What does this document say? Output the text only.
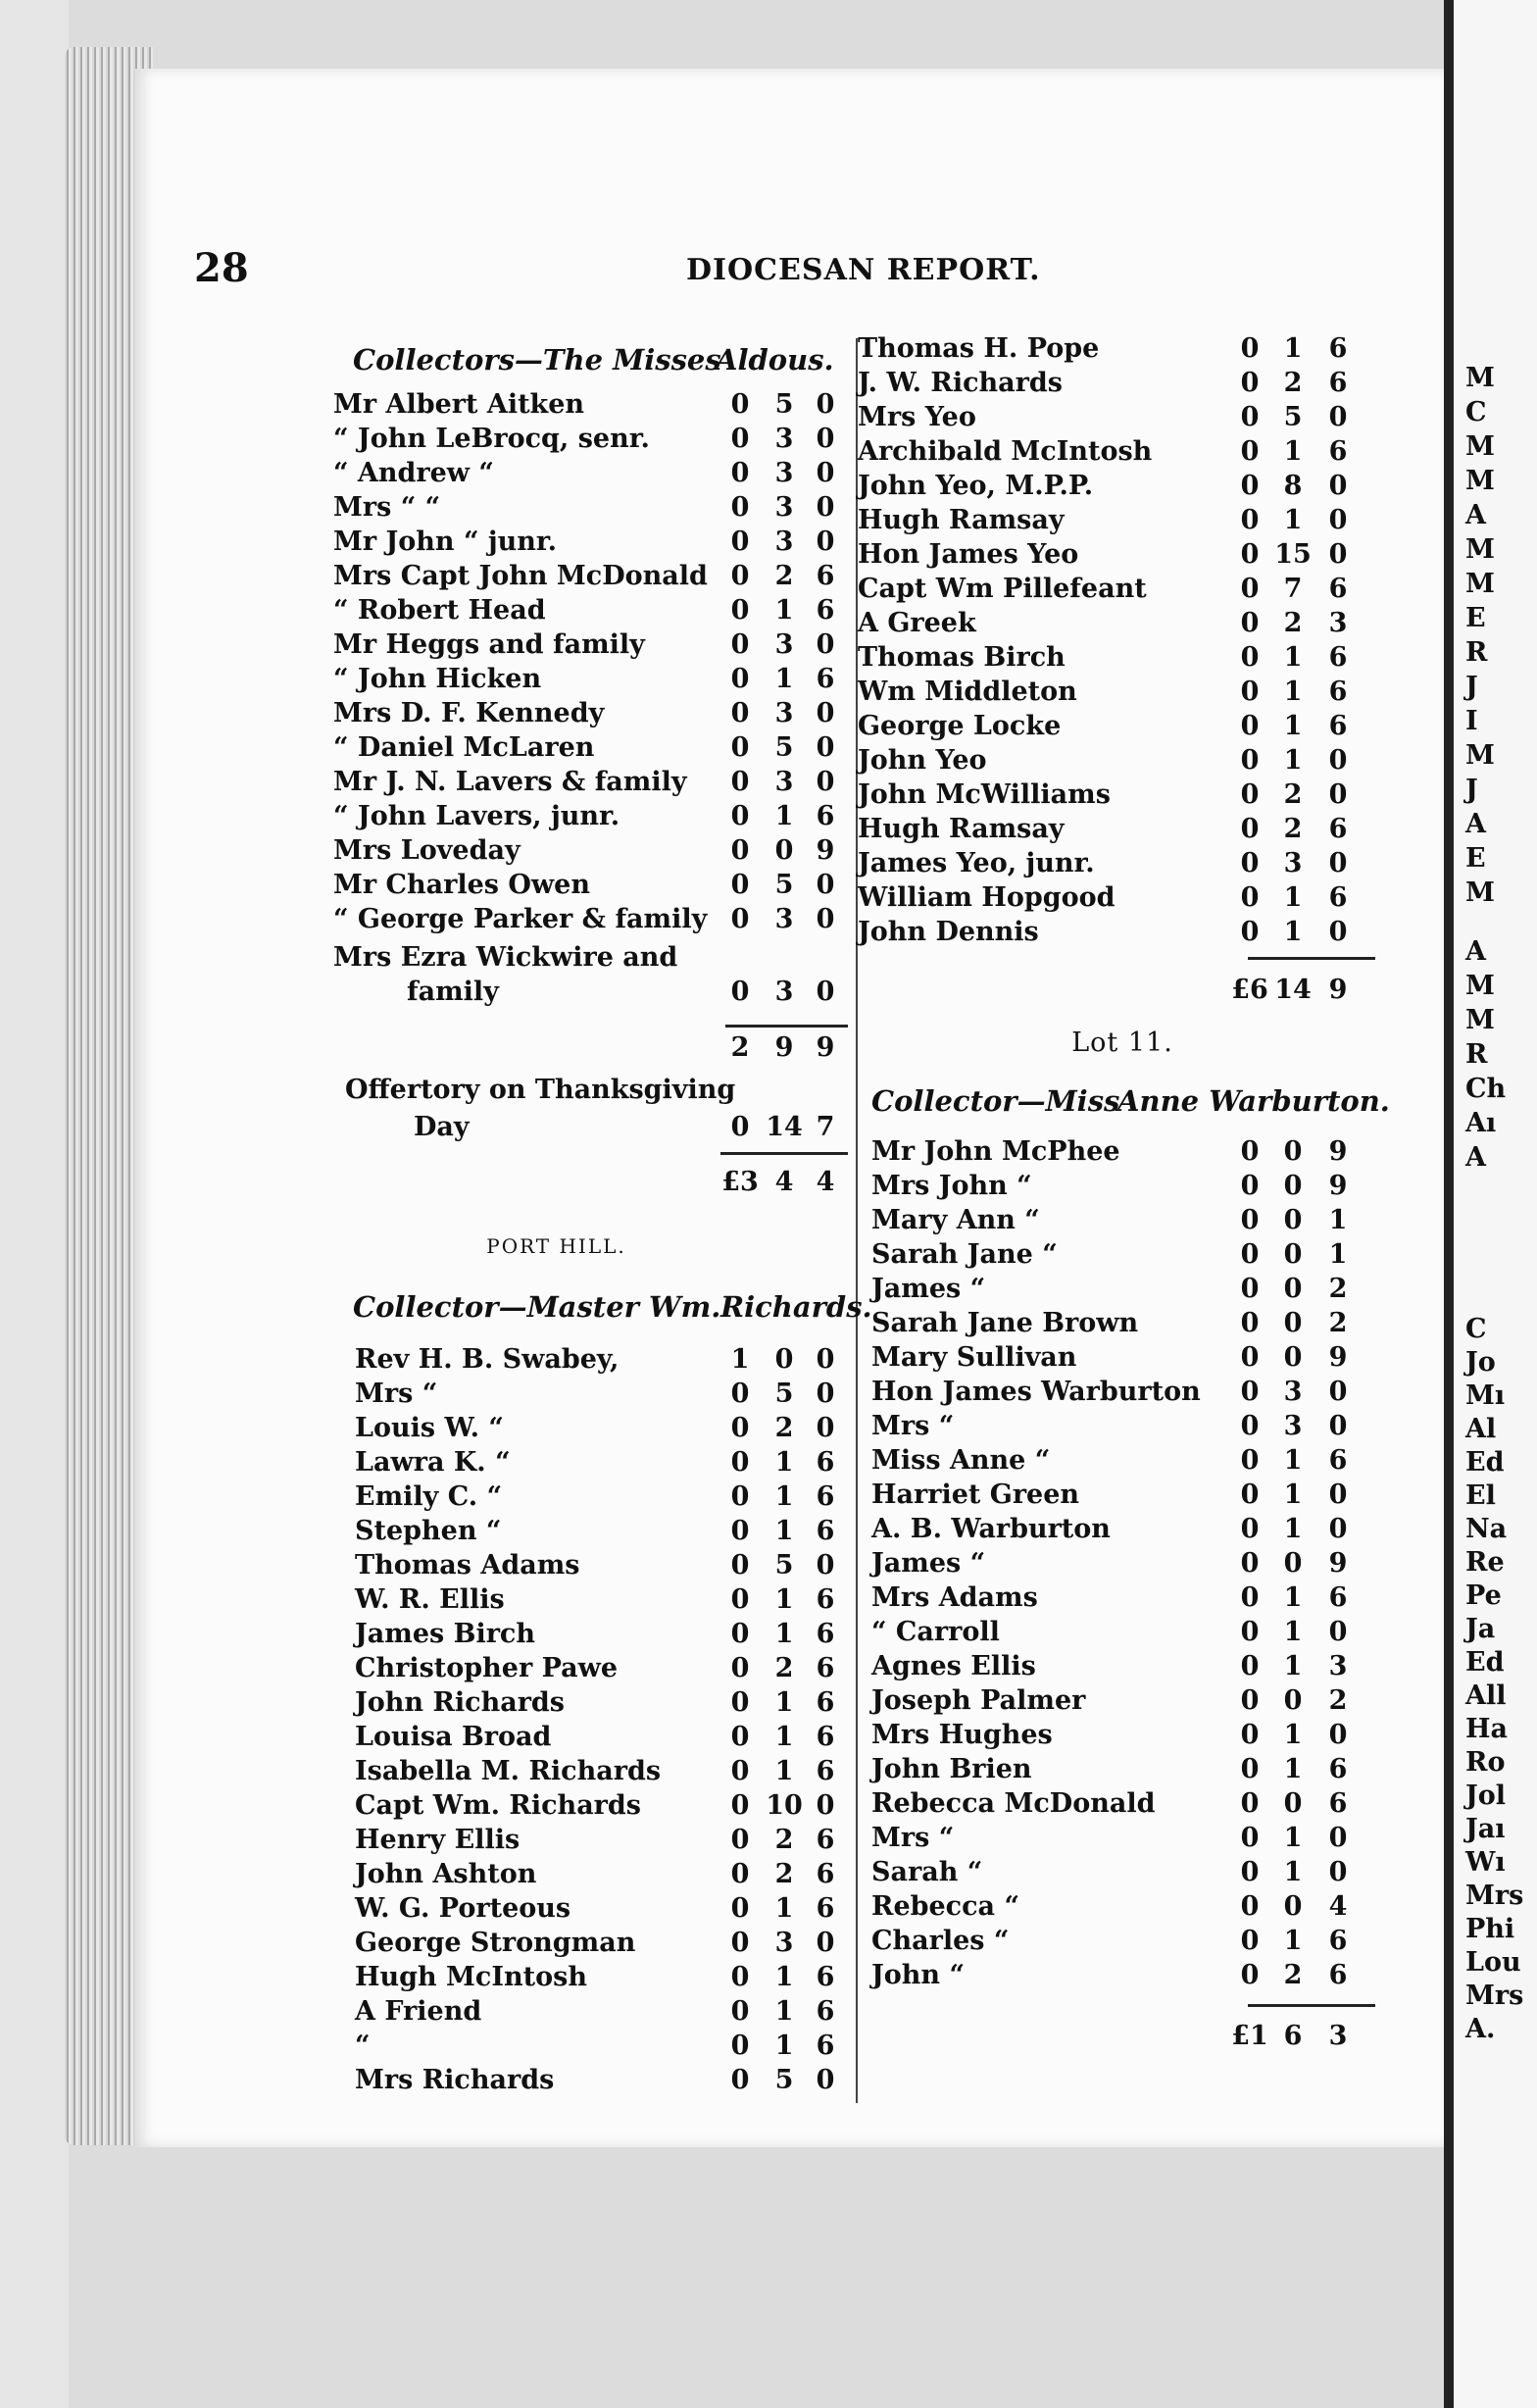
28	DIOCESAN REPORT.
Collectors—The Misses
Aldous.
Mr Albert Aitken	0 5 0
“ John LeBrocq, senr.	0 3 0
“ Andrew “	0 3 0
Mrs “ “	0 3 0
Mr John “ junr.	0 3 0
Mrs Capt John McDonald 0 2 6
“ Robert Head	0 1 6
Mr Heggs and family	0 3 0
“ John Hicken	0 1 6
Mrs D. F. Kennedy	0 3 0
“ Daniel McLaren	0 5 0
Mr J. N. Lavers & family	0 3 0
“ John Lavers, junr.	0 1 6
Mrs Loveday	0 0 9
Mr Charles Owen	0 5 0
“ George Parker & family 0 3 0
Mrs Ezra Wickwire and
family	0 3 0
2 9 9
Offertory on Thanksgiving
Day	0 14 7
£3 4 4
PORT HILL.
Collector—Master Wm. Richards.
Rev H. B. Swabey,	1 0 0
Mrs “	0 5 0
Louis W. “	0 2 0
Lawra K. “	0 1 6
Emily C. “	0 1 6
Stephen “	0 1 6
Thomas Adams	0 5 0
W. R. Ellis	0 1 6
James Birch	0 1 6
Christopher Pawe	0 2 6
John Richards	0 1 6
Louisa Broad	0 1 6
Isabella M. Richards	0 1 6
Capt Wm. Richards	0 10 0
Henry Ellis	0 2 6
John Ashton	0 2 6
W. G. Porteous	0 1 6
George Strongman	0 3 0
Hugh McIntosh	0 1 6
A Friend	0 1 6
“	0 1 6
Mrs Richards	0 5 0
Thomas H. Pope	0 1	6
J. W. Richards	0 2	6
Mrs Yeo	0 5	0
Archibald McIntosh	0 1	6
John Yeo, M.P.P.	0 8	0
Hugh Ramsay	0 1	0
Hon James Yeo	0 15 0
Capt Wm Pillefeant	0 7	6
A Greek	0 2	3
Thomas Birch	0 1	6
Wm Middleton	0 1	6
George Locke	0 1	6
John Yeo	0 1	0
John McWilliams	0 2	0
Hugh Ramsay	0 2	6
James Yeo, junr.	0 3	0
William Hopgood	0 1	6
John Dennis	0 1	0
£6 14 9
Lot 11.
Collector—Miss
Anne Warburton.
Mr John McPhee	0 0	9
Mrs John “	0 0	9
Mary Ann “	0 0	1
Sarah Jane “	0 0	1
James “	0 0	2
Sarah Jane Brown	0 0	2
Mary Sullivan	0 0	9
Hon James Warburton	0 3	0
Mrs “	0 3	0
Miss Anne “	0 1	6
Harriet Green	0 1	0
A. B. Warburton	0 1	0
James “	0 0	9
Mrs Adams	0 1	6
“ Carroll	0 1	0
Agnes Ellis	0 1	3
Joseph Palmer	0 0	2
Mrs Hughes	0 1	0
John Brien	0 1	6
Rebecca McDonald	0 0	6
Mrs “	0 1	0
Sarah “	0 1	0
Rebecca “	0 0	4
Charles “	0 1	6
John “	0 2	6
£1 6	3
M
C
M
M
A
M
M
E
R
J
I
M
J
A
E
M
A
M
M
R
Ch
Aı
A
C
Jo
Mı
Al
Ed
El
Na
Re
Pe
Ja
Ed
All
Ha
Ro
Jol
Jaı
Wı
Mrs
Phi
Lou
Mrs
A.
